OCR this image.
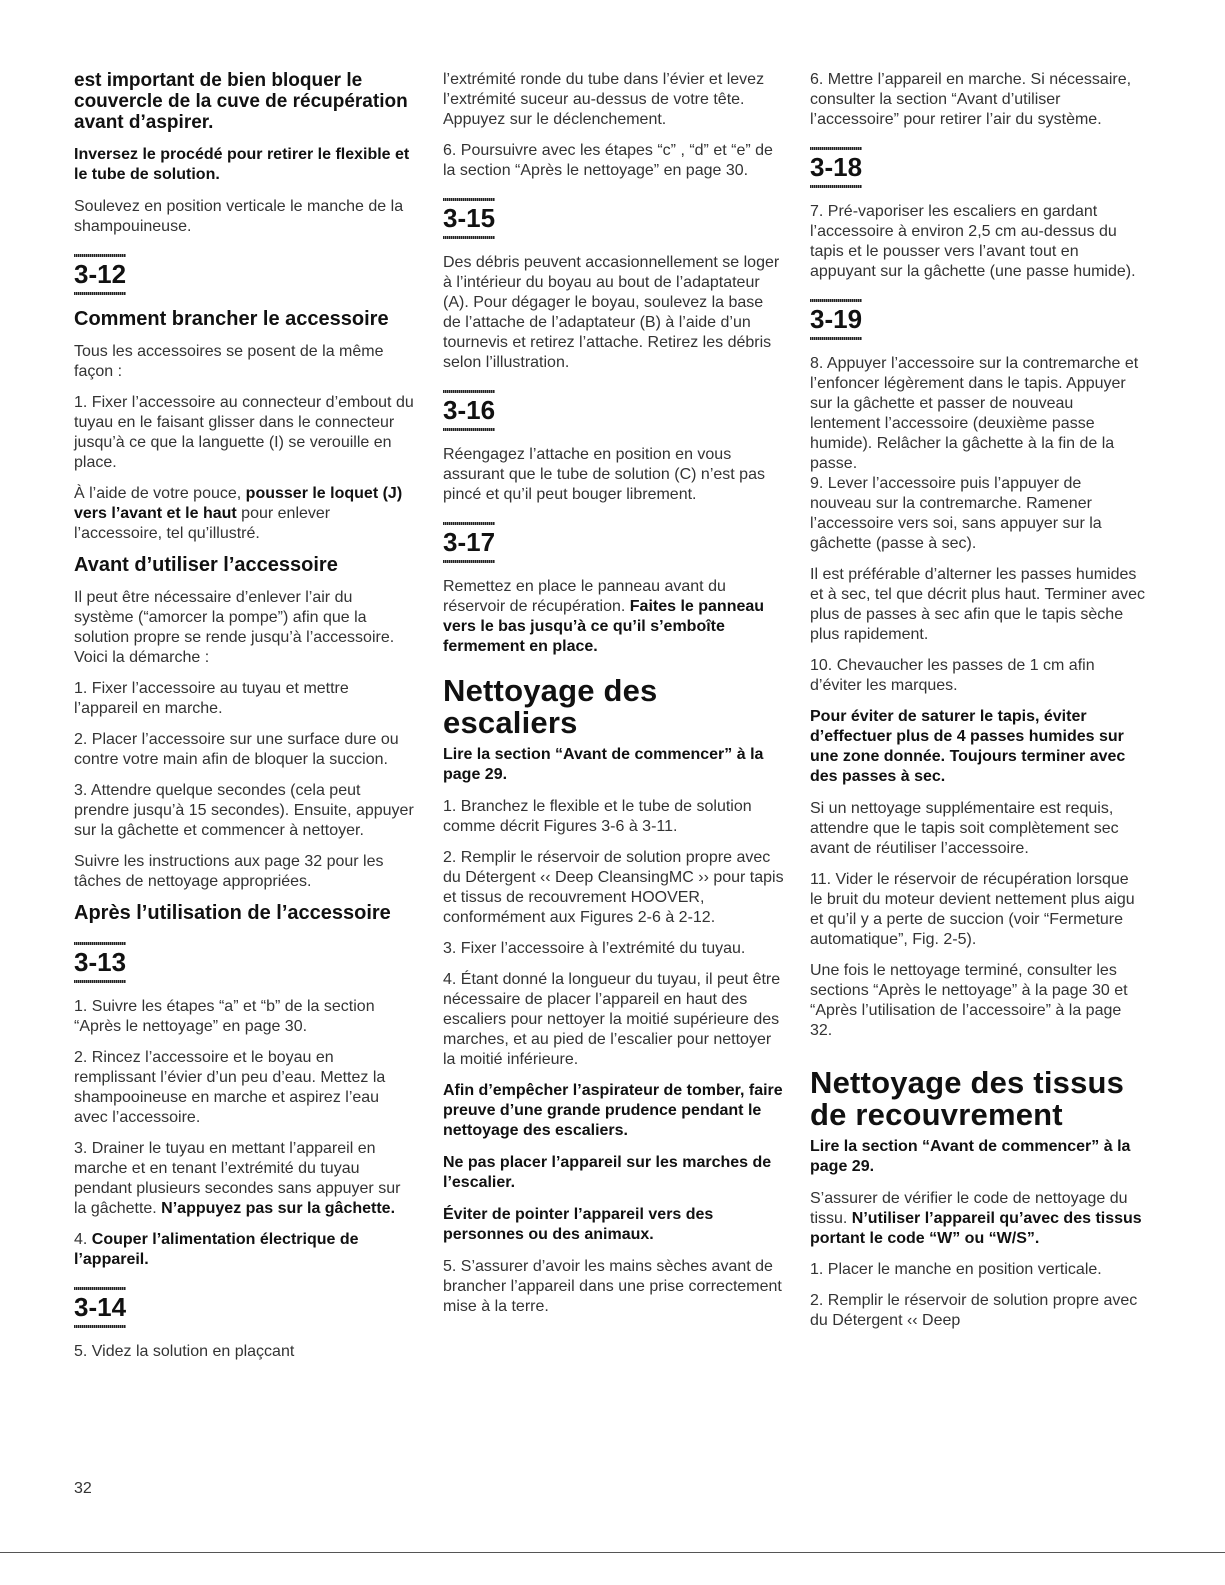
est important de bien bloquer le couvercle de la cuve de récupération avant d’aspirer.
Inversez le procédé pour retirer le flexible et le tube de solution.

Soulevez en position verticale le manche de la shampouineuse.

3-12
Comment brancher le accessoire

Tous les accessoires se posent de la même façon :

1. Fixer l’accessoire au connecteur d’embout du tuyau en le faisant glisser dans le connecteur jusqu’à ce que la languette (I) se verouille en place.

À l’aide de votre pouce, pousser le loquet (J) vers l’avant et le haut pour enlever l’accessoire, tel qu’illustré.

Avant d’utiliser l’accessoire

Il peut être nécessaire d’enlever l’air du système (“amorcer la pompe”) afin que la solution propre se rende jusqu’à l’accessoire. Voici la démarche :

1. Fixer l’accessoire au tuyau et mettre l’appareil en marche.

2. Placer l’accessoire sur une surface dure ou contre votre main afin de bloquer la succion.

3. Attendre quelque secondes (cela peut prendre jusqu’à 15 secondes). Ensuite, appuyer sur la gâchette et commencer à nettoyer.

Suivre les instructions aux page 32 pour les tâches de nettoyage appropriées.

Après l’utilisation de l’accessoire
3-13

1. Suivre les étapes “a” et “b” de la section “Après le nettoyage” en page 30.

2. Rincez l’accessoire et le boyau en remplissant l’évier d’un peu d’eau. Mettez la shampooineuse en marche et aspirez l’eau avec l’accessoire.

3. Drainer le tuyau en mettant l’appareil en marche et en tenant l’extrémité du tuyau pendant plusieurs secondes sans appuyer sur la gâchette. N’appuyez pas sur la gâchette.

4. Couper l’alimentation électrique de l’appareil.

3-14

5. Videz la solution en plaçcant

l’extrémité ronde du tube dans l’évier et levez l’extrémité suceur au-dessus de votre tête. Appuyez sur le déclenchement.

6. Poursuivre avec les étapes “c” , “d” et “e” de la section “Après le nettoyage” en page 30.

3-15

Des débris peuvent accasionnellement se loger à l’intérieur du boyau au bout de l’adaptateur (A). Pour dégager le boyau, soulevez la base de l’attache de l’adaptateur (B) à l’aide d’un tournevis et retirez l’attache. Retirez les débris selon l’illustration.

3-16

Réengagez l’attache en position en vous assurant que le tube de solution (C) n’est pas pincé et qu’il peut bouger librement.

3-17

Remettez en place le panneau avant du réservoir de récupération. Faites le panneau vers le bas jusqu’à ce qu’il s’emboîte fermement en place.

Nettoyage des escaliers
Lire la section “Avant de commencer” à la page 29.

1. Branchez le flexible et le tube de solution comme décrit Figures 3-6 à 3-11.

2. Remplir le réservoir de solution propre avec du Détergent ‹‹ Deep CleansingMC ›› pour tapis et tissus de recouvrement HOOVER, conformément aux Figures 2-6 à 2-12.

3. Fixer l’accessoire à l’extrémité du tuyau.

4. Étant donné la longueur du tuyau, il peut être nécessaire de placer l’appareil en haut des escaliers pour nettoyer la moitié supérieure des marches, et au pied de l’escalier pour nettoyer la moitié inférieure.

Afin d’empêcher l’aspirateur de tomber, faire preuve d’une grande prudence pendant le nettoyage des escaliers.
Ne pas placer l’appareil sur les marches de l’escalier.
Éviter de pointer l’appareil vers des personnes ou des animaux.

5. S’assurer d’avoir les mains sèches avant de brancher l’appareil dans une prise correctement mise à la terre.

6. Mettre l’appareil en marche. Si nécessaire, consulter la section “Avant d’utiliser l’accessoire” pour retirer l’air du système.

3-18

7. Pré-vaporiser les escaliers en gardant l’accessoire à environ 2,5 cm au-dessus du tapis et le pousser vers l’avant tout en appuyant sur la gâchette (une passe humide).

3-19

8. Appuyer l’accessoire sur la contremarche et l’enfoncer légèrement dans le tapis. Appuyer sur la gâchette et passer de nouveau lentement l’accessoire (deuxième passe humide). Relâcher la gâchette à la fin de la passe.
9. Lever l’accessoire puis l’appuyer de nouveau sur la contremarche. Ramener l’accessoire vers soi, sans appuyer sur la gâchette (passe à sec).

Il est préférable d’alterner les passes humides et à sec, tel que décrit plus haut. Terminer avec plus de passes à sec afin que le tapis sèche plus rapidement.

10. Chevaucher les passes de 1 cm afin d’éviter les marques.

Pour éviter de saturer le tapis, éviter d’effectuer plus de 4 passes humides sur une zone donnée. Toujours terminer avec des passes à sec.

Si un nettoyage supplémentaire est requis, attendre que le tapis soit complètement sec avant de réutiliser l’accessoire.

11. Vider le réservoir de récupération lorsque le bruit du moteur devient nettement plus aigu et qu’il y a perte de succion (voir “Fermeture automatique”, Fig. 2-5).

Une fois le nettoyage terminé, consulter les sections “Après le nettoyage” à la page 30 et “Après l’utilisation de l’accessoire” à la page 32.

Nettoyage des tissus de recouvrement
Lire la section “Avant de commencer” à la page 29.

S’assurer de vérifier le code de nettoyage du tissu. N’utiliser l’appareil qu’avec des tissus portant le code “W” ou “W/S”.

1. Placer le manche en position verticale.

2. Remplir le réservoir de solution propre avec du Détergent ‹‹ Deep

32
